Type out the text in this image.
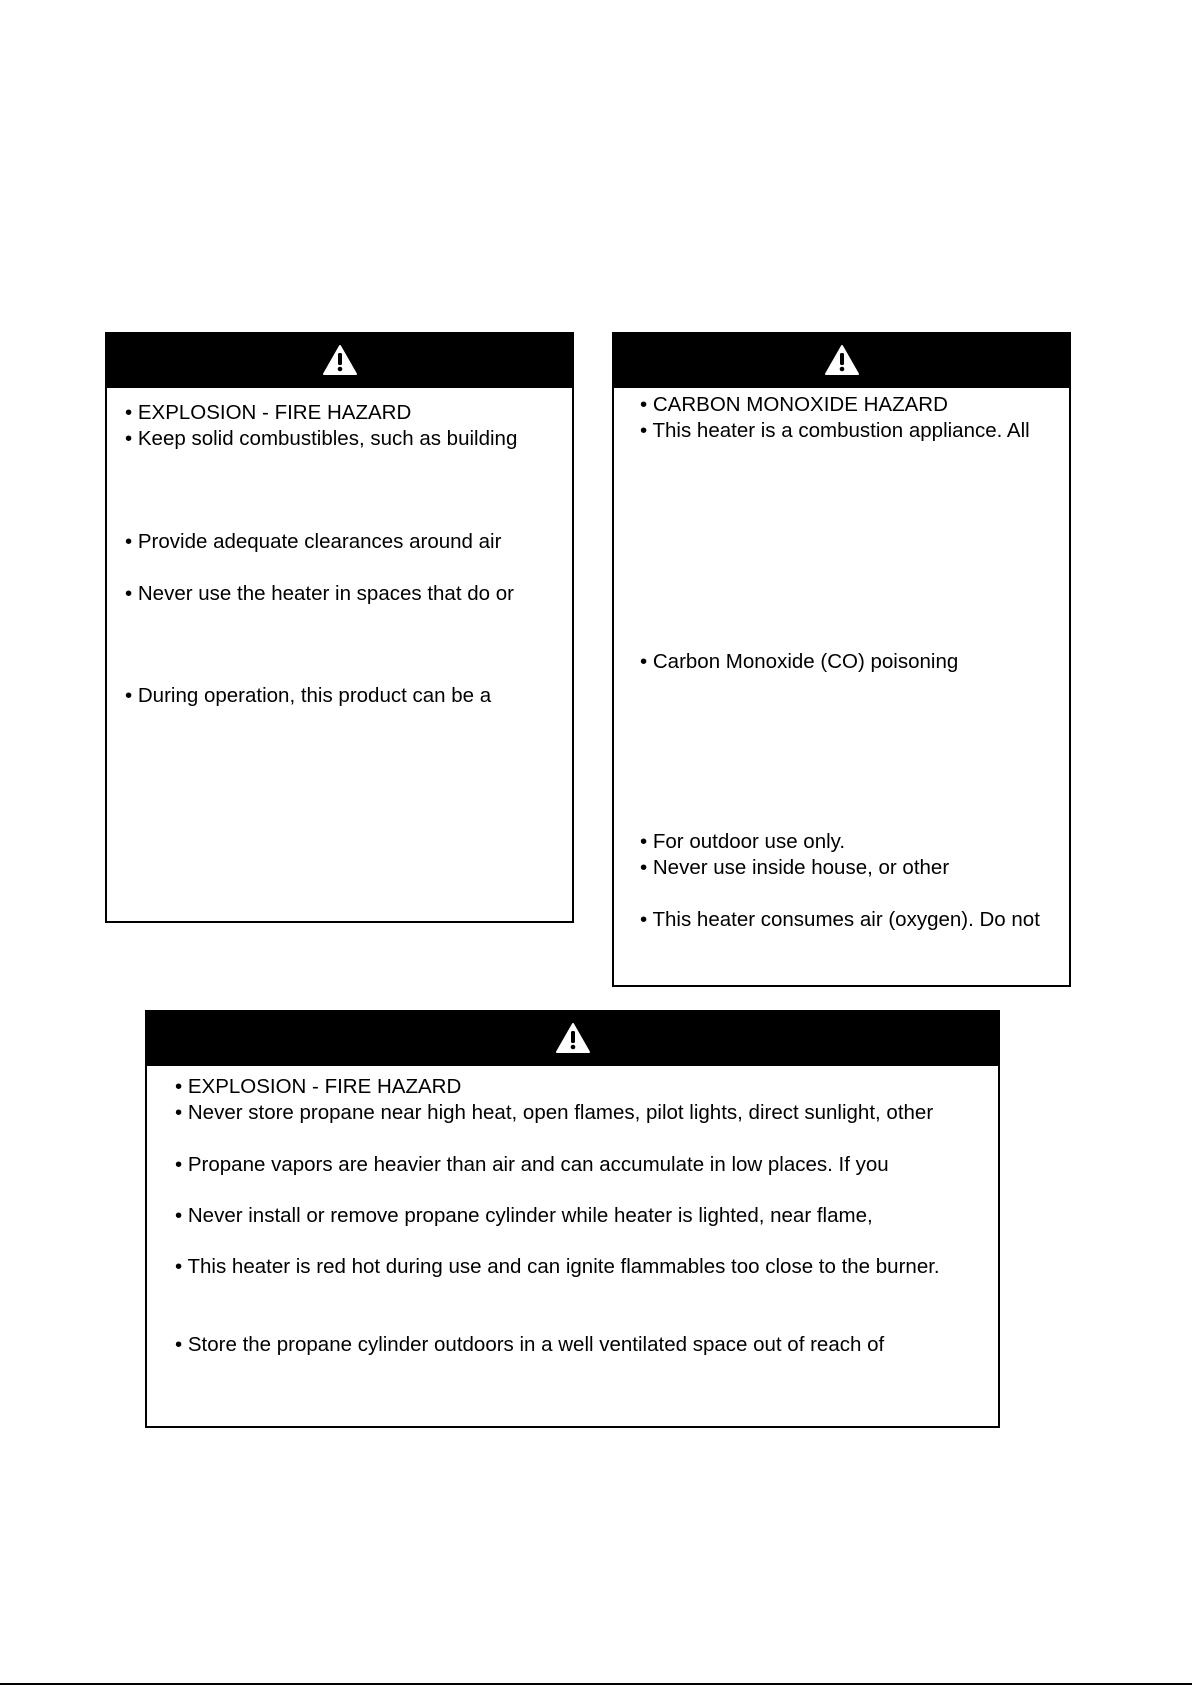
• EXPLOSION - FIRE HAZARD
• Keep solid combustibles, such as building
• Provide adequate clearances around air
• Never use the heater in spaces that do or
• During operation, this product can be a
• CARBON MONOXIDE HAZARD
• This heater is a combustion appliance. All
• Carbon Monoxide (CO) poisoning
• For outdoor use only.
• Never use inside house, or other
• This heater consumes air (oxygen). Do not
• EXPLOSION - FIRE HAZARD
• Never store propane near high heat, open flames, pilot lights, direct sunlight, other
• Propane vapors are heavier than air and can accumulate in low places. If you
• Never install or remove propane cylinder while heater is lighted, near flame,
• This heater is red hot during use and can ignite flammables too close to the burner.
• Store the propane cylinder outdoors in a well ventilated space out of reach of
